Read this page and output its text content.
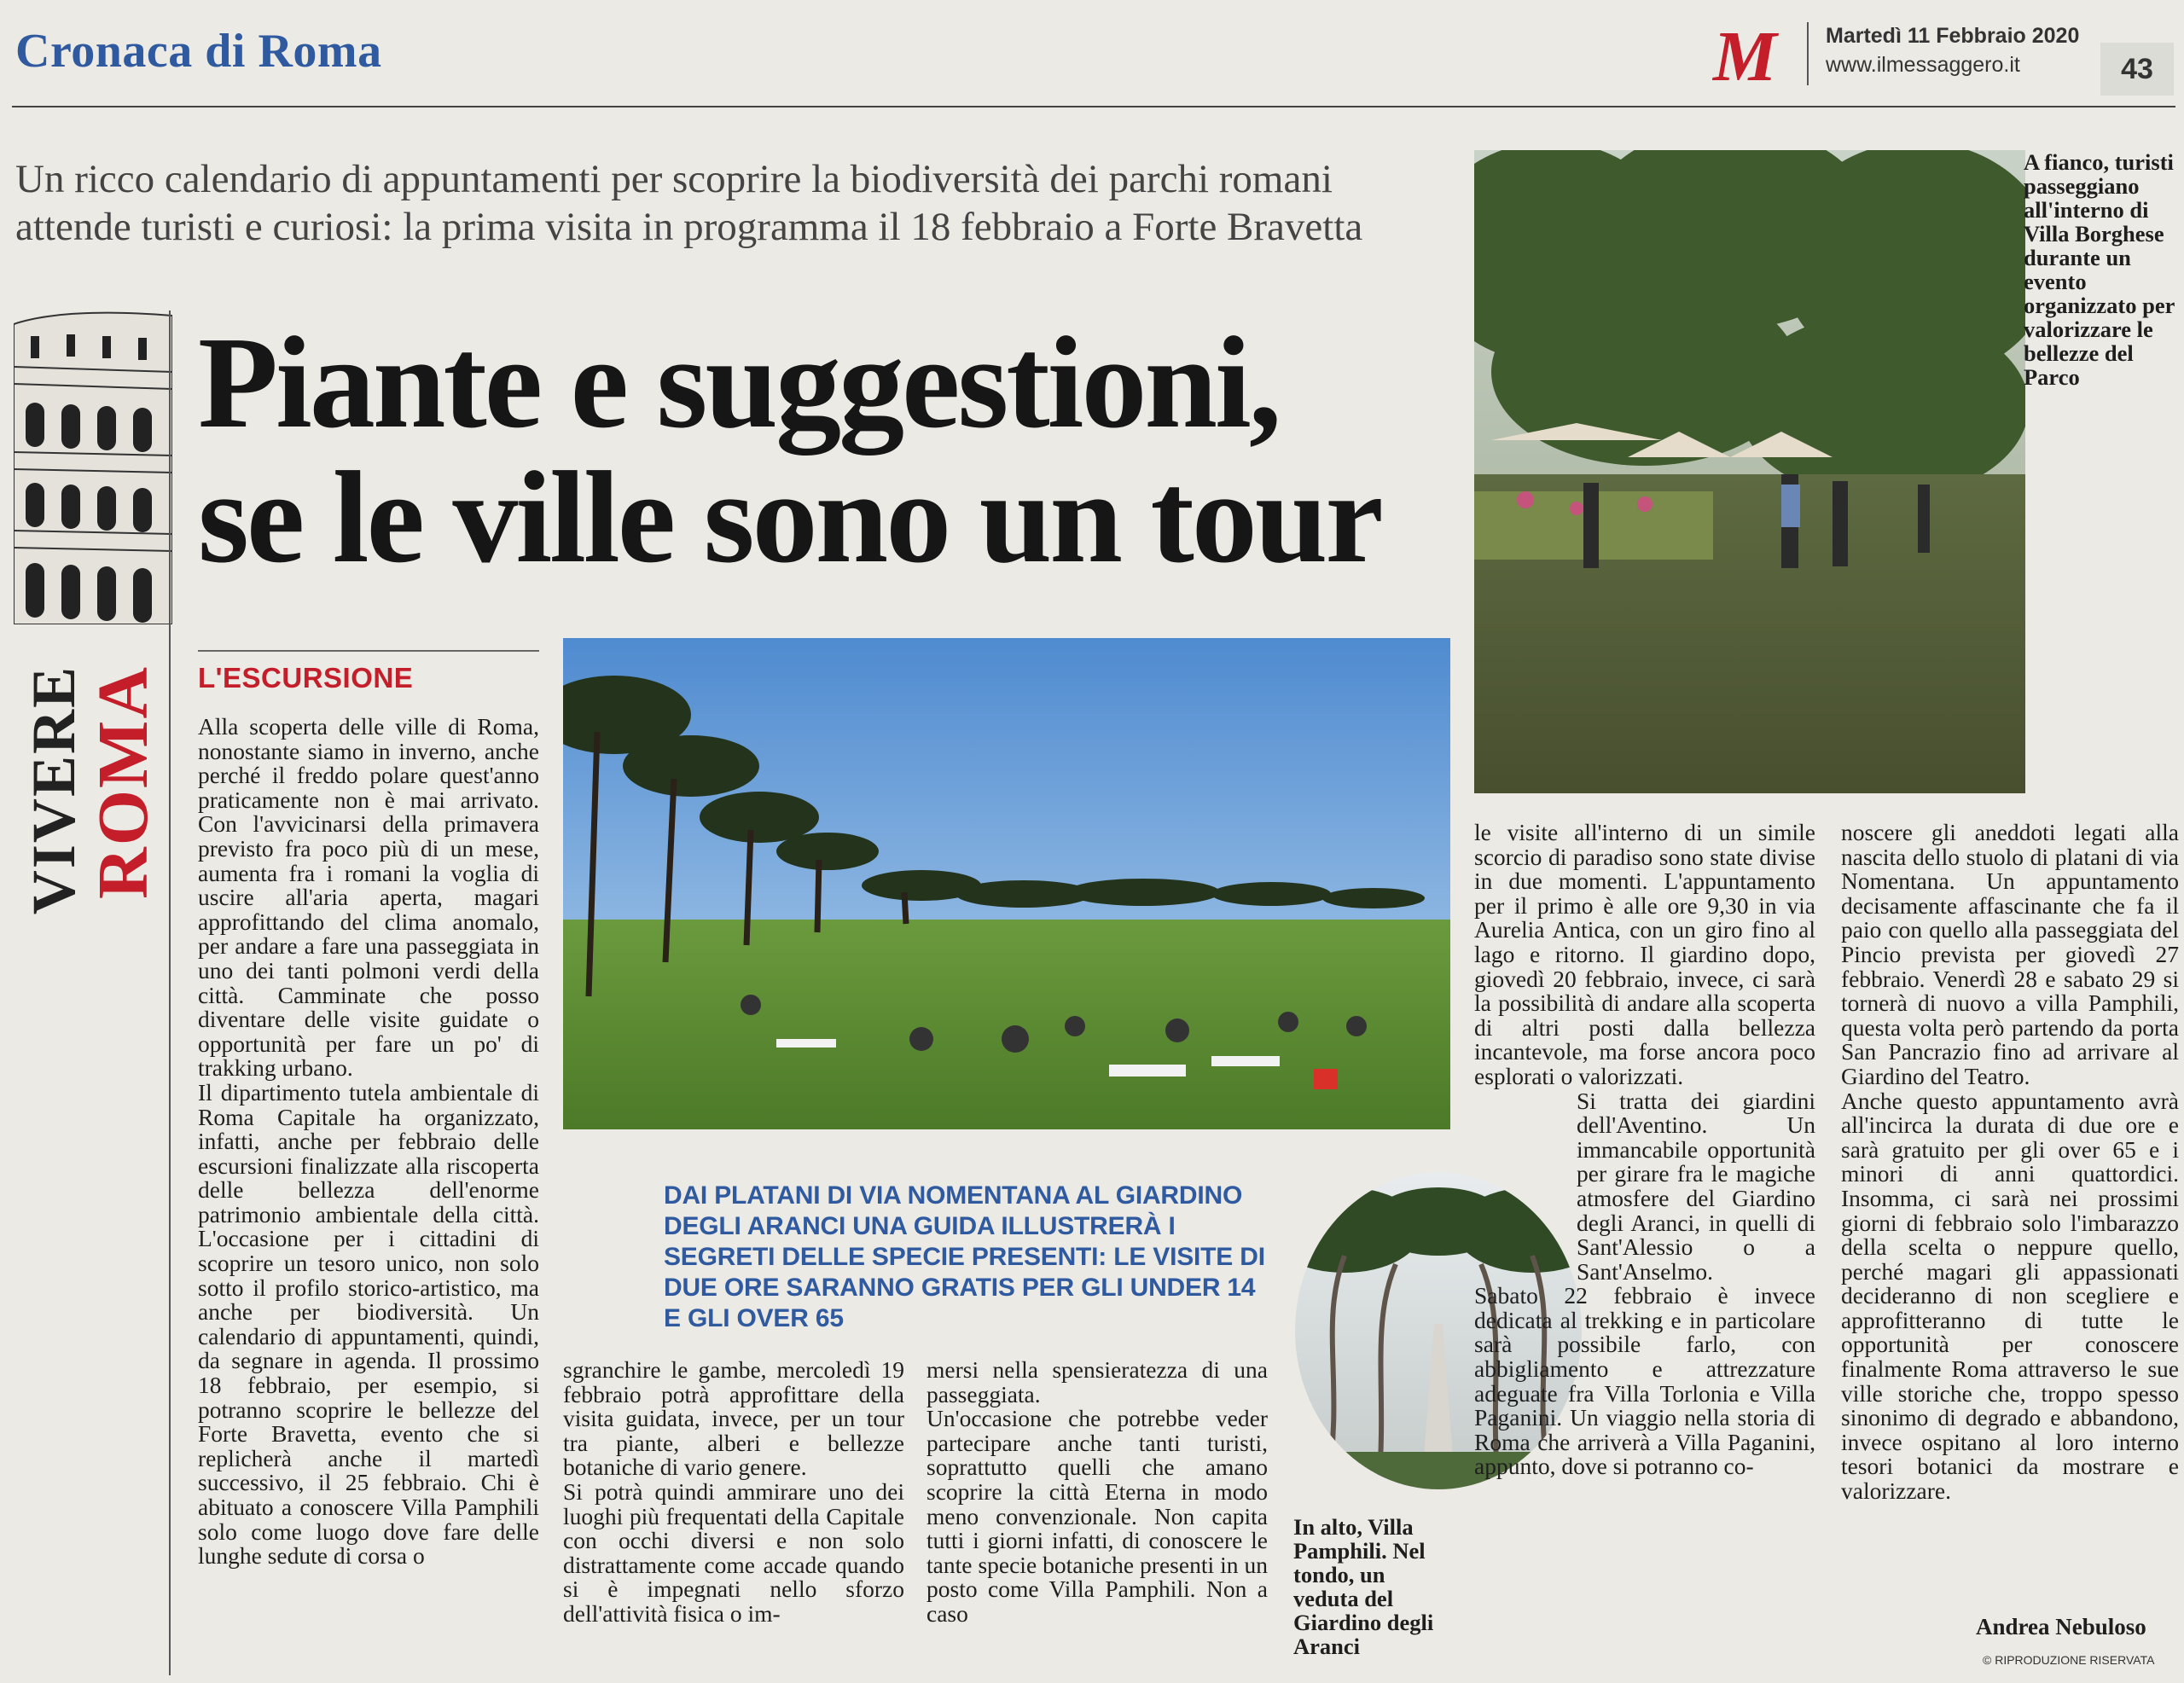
Cronaca di Roma	M Martedì 11 Febbraio 2020
www.ilmessaggero.it	43
Un ricco calendario di appuntamenti per scoprire la biodiversità dei parchi romani
attende turisti e curiosi: la prima visita in programma il 18 febbraio a Forte Bravetta
VIVERE
ROMA
Piante e suggestioni,
se le ville sono un tour
L'ESCURSIONE

Alla scoperta delle ville di Roma, nonostante siamo in inverno, anche perché il freddo polare quest'anno praticamente non è mai arrivato. Con l'avvicinarsi della primavera previsto fra poco più di un mese, aumenta fra i romani la voglia di uscire all'aria aperta, magari approfittando del clima anomalo, per andare a fare una passeggiata in uno dei tanti polmoni verdi della città. Camminate che posso diventare delle visite guidate o opportunità per fare un po' di trakking urbano.

Il dipartimento tutela ambientale di Roma Capitale ha organizzato, infatti, anche per febbraio delle escursioni finalizzate alla riscoperta delle bellezza dell'enorme patrimonio ambientale della città. L'occasione per i cittadini di scoprire un tesoro unico, non solo sotto il profilo storico-artistico, ma anche per biodiversità. Un calendario di appuntamenti, quindi, da segnare in agenda. Il prossimo 18 febbraio, per esempio, si potranno scoprire le bellezze del Forte Bravetta, evento che si replicherà anche il martedì successivo, il 25 febbraio. Chi è abituato a conoscere Villa Pamphili solo come luogo dove fare delle lunghe sedute di corsa o

DAI PLATANI DI VIA NOMENTANA AL GIARDINO DEGLI ARANCI UNA GUIDA ILLUSTRERÀ I SEGRETI DELLE SPECIE PRESENTI: LE VISITE DI DUE ORE SARANNO GRATIS PER GLI UNDER 14 E GLI OVER 65

sgranchire le gambe, mercoledì 19 febbraio potrà approfittare della visita guidata, invece, per un tour tra piante, alberi e bellezze botaniche di vario genere.

Si potrà quindi ammirare uno dei luoghi più frequentati della Capitale con occhi diversi e non solo distrattamente come accade quando si è impegnati nello sforzo dell'attività fisica o im-

mersi nella spensieratezza di una passeggiata.

Un'occasione che potrebbe veder partecipare anche tanti turisti, soprattutto quelli che amano scoprire la città Eterna in modo meno convenzionale. Non capita tutti i giorni infatti, di conoscere le tante specie botaniche presenti in un posto come Villa Pamphili. Non a caso

In alto, Villa Pamphili. Nel tondo, un veduta del Giardino degli Aranci
A fianco, turisti passeggiano all'interno di Villa Borghese durante un evento organizzato per valorizzare le bellezze del Parco

le visite all'interno di un simile scorcio di paradiso sono state divise in due momenti. L'appuntamento per il primo è alle ore 9,30 in via Aurelia Antica, con un giro fino al lago e ritorno. Il giardino dopo, giovedì 20 febbraio, invece, ci sarà la possibilità di andare alla scoperta di altri posti dalla bellezza incantevole, ma forse ancora poco esplorati o valorizzati.

Si tratta dei giardini dell'Aventino. Un immancabile opportunità per girare fra le magiche atmosfere del Giardino degli Aranci, in quelli di Sant'Alessio o a Sant'Anselmo.

Sabato 22 febbraio è invece dedicata al trekking e in particolare sarà possibile farlo, con abbigliamento e attrezzature adeguate fra Villa Torlonia e Villa Paganini. Un viaggio nella storia di Roma che arriverà a Villa Paganini, appunto, dove si potranno co-

noscere gli aneddoti legati alla nascita dello stuolo di platani di via Nomentana. Un appuntamento decisamente affascinante che fa il paio con quello alla passeggiata del Pincio prevista per giovedì 27 febbraio. Venerdì 28 e sabato 29 si tornerà di nuovo a villa Pamphili, questa volta però partendo da porta San Pancrazio fino ad arrivare al Giardino del Teatro.

Anche questo appuntamento avrà all'incirca la durata di due ore e sarà gratuito per gli over 65 e i minori di anni quattordici. Insomma, ci sarà nei prossimi giorni di febbraio solo l'imbarazzo della scelta o neppure quello, perché magari gli appassionati decideranno di non scegliere e approfitteranno di tutte le opportunità per conoscere finalmente Roma attraverso le sue ville storiche che, troppo spesso sinonimo di degrado e abbandono, invece ospitano al loro interno tesori botanici da mostrare e valorizzare.

Andrea Nebuloso
© RIPRODUZIONE RISERVATA
